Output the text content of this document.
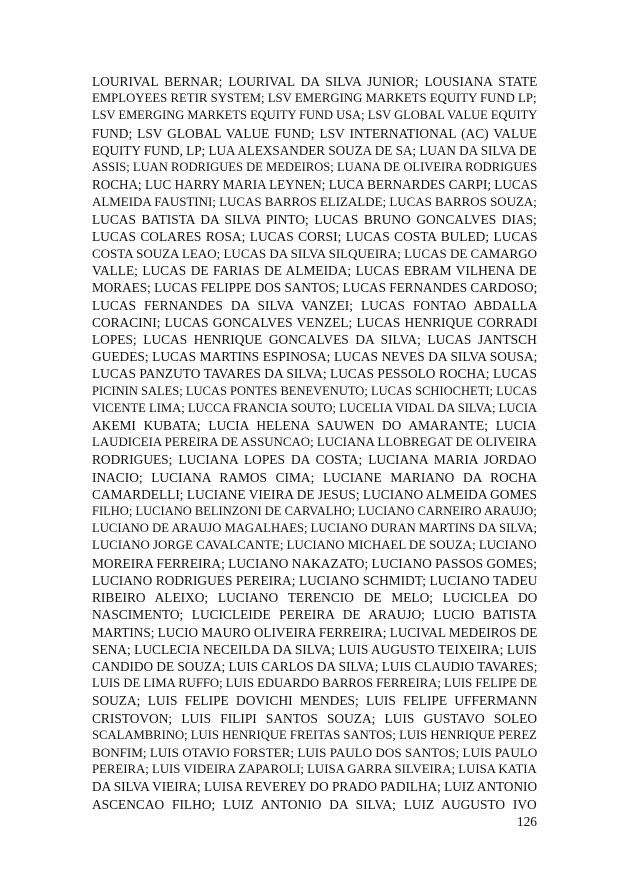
LOURIVAL BERNAR; LOURIVAL DA SILVA JUNIOR; LOUSIANA STATE
EMPLOYEES RETIR SYSTEM; LSV EMERGING MARKETS EQUITY FUND LP;
LSV EMERGING MARKETS EQUITY FUND USA; LSV GLOBAL VALUE EQUITY
FUND; LSV GLOBAL VALUE FUND; LSV INTERNATIONAL (AC) VALUE
EQUITY FUND, LP; LUA ALEXSANDER SOUZA DE SA; LUAN DA SILVA DE
ASSIS; LUAN RODRIGUES DE MEDEIROS; LUANA DE OLIVEIRA RODRIGUES
ROCHA; LUC HARRY MARIA LEYNEN; LUCA BERNARDES CARPI; LUCAS
ALMEIDA FAUSTINI; LUCAS BARROS ELIZALDE; LUCAS BARROS SOUZA;
LUCAS BATISTA DA SILVA PINTO; LUCAS BRUNO GONCALVES DIAS;
LUCAS COLARES ROSA; LUCAS CORSI; LUCAS COSTA BULED; LUCAS
COSTA SOUZA LEAO; LUCAS DA SILVA SILQUEIRA; LUCAS DE CAMARGO
VALLE; LUCAS DE FARIAS DE ALMEIDA; LUCAS EBRAM VILHENA DE
MORAES; LUCAS FELIPPE DOS SANTOS; LUCAS FERNANDES CARDOSO;
LUCAS FERNANDES DA SILVA VANZEI; LUCAS FONTAO ABDALLA
CORACINI; LUCAS GONCALVES VENZEL; LUCAS HENRIQUE CORRADI
LOPES; LUCAS HENRIQUE GONCALVES DA SILVA; LUCAS JANTSCH
GUEDES; LUCAS MARTINS ESPINOSA; LUCAS NEVES DA SILVA SOUSA;
LUCAS PANZUTO TAVARES DA SILVA; LUCAS PESSOLO ROCHA; LUCAS
PICININ SALES; LUCAS PONTES BENEVENUTO; LUCAS SCHIOCHETI; LUCAS
VICENTE LIMA; LUCCA FRANCIA SOUTO; LUCELIA VIDAL DA SILVA; LUCIA
AKEMI KUBATA; LUCIA HELENA SAUWEN DO AMARANTE; LUCIA
LAUDICEIA PEREIRA DE ASSUNCAO; LUCIANA LLOBREGAT DE OLIVEIRA
RODRIGUES; LUCIANA LOPES DA COSTA; LUCIANA MARIA JORDAO
INACIO; LUCIANA RAMOS CIMA; LUCIANE MARIANO DA ROCHA
CAMARDELLI; LUCIANE VIEIRA DE JESUS; LUCIANO ALMEIDA GOMES
FILHO; LUCIANO BELINZONI DE CARVALHO; LUCIANO CARNEIRO ARAUJO;
LUCIANO DE ARAUJO MAGALHAES; LUCIANO DURAN MARTINS DA SILVA;
LUCIANO JORGE CAVALCANTE; LUCIANO MICHAEL DE SOUZA; LUCIANO
MOREIRA FERREIRA; LUCIANO NAKAZATO; LUCIANO PASSOS GOMES;
LUCIANO RODRIGUES PEREIRA; LUCIANO SCHMIDT; LUCIANO TADEU
RIBEIRO ALEIXO; LUCIANO TERENCIO DE MELO; LUCICLEA DO
NASCIMENTO; LUCICLEIDE PEREIRA DE ARAUJO; LUCIO BATISTA
MARTINS; LUCIO MAURO OLIVEIRA FERREIRA; LUCIVAL MEDEIROS DE
SENA; LUCLECIA NECEILDA DA SILVA; LUIS AUGUSTO TEIXEIRA; LUIS
CANDIDO DE SOUZA; LUIS CARLOS DA SILVA; LUIS CLAUDIO TAVARES;
LUIS DE LIMA RUFFO; LUIS EDUARDO BARROS FERREIRA; LUIS FELIPE DE
SOUZA; LUIS FELIPE DOVICHI MENDES; LUIS FELIPE UFFERMANN
CRISTOVON; LUIS FILIPI SANTOS SOUZA; LUIS GUSTAVO SOLEO
SCALAMBRINO; LUIS HENRIQUE FREITAS SANTOS; LUIS HENRIQUE PEREZ
BONFIM; LUIS OTAVIO FORSTER; LUIS PAULO DOS SANTOS; LUIS PAULO
PEREIRA; LUIS VIDEIRA ZAPAROLI; LUISA GARRA SILVEIRA; LUISA KATIA
DA SILVA VIEIRA; LUISA REVEREY DO PRADO PADILHA; LUIZ ANTONIO
ASCENCAO FILHO; LUIZ ANTONIO DA SILVA; LUIZ AUGUSTO IVO
126
